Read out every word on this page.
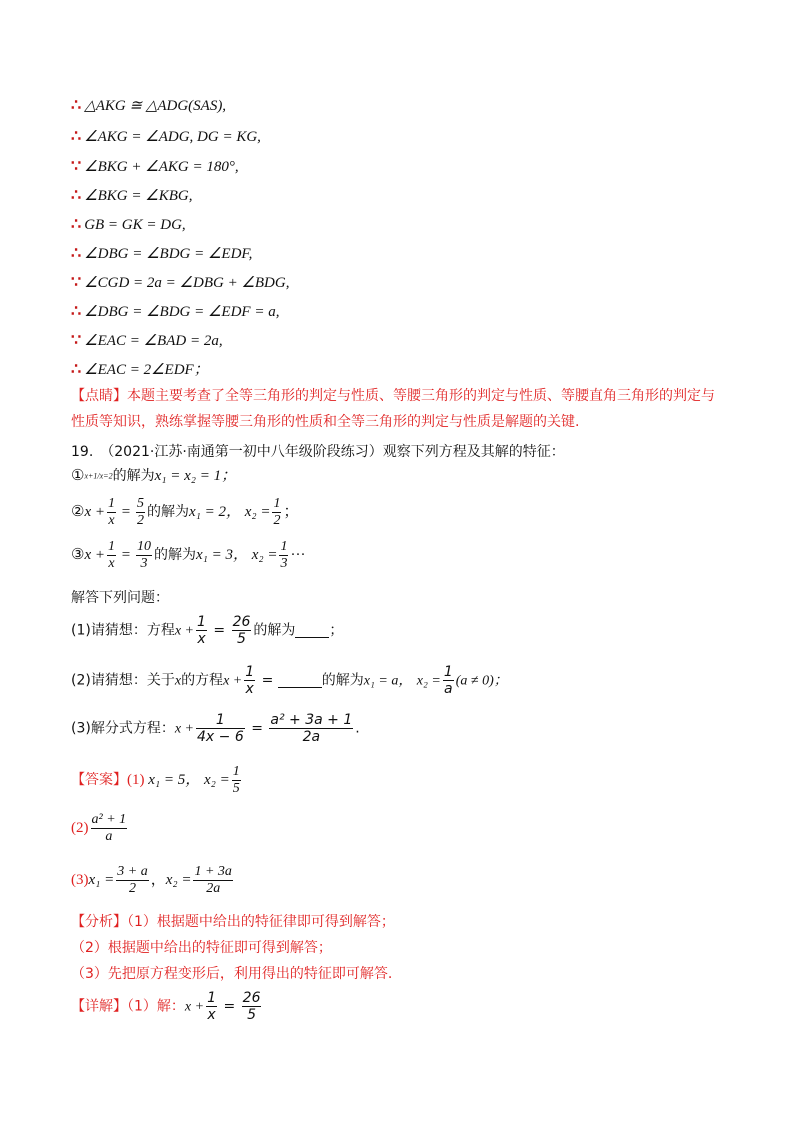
∴ △AKG ≅ △ADG(SAS),
∴ ∠AKG = ∠ADG, DG = KG,
∵ ∠BKG + ∠AKG = 180°,
∴ ∠BKG = ∠KBG,
∴ GB = GK = DG,
∴ ∠DBG = ∠BDG = ∠EDF,
∵ ∠CGD = 2a = ∠DBG + ∠BDG,
∴ ∠DBG = ∠BDG = ∠EDF = a,
∵ ∠EAC = ∠BAD = 2a,
∴ ∠EAC = 2∠EDF；
【点睛】本题主要考查了全等三角形的判定与性质、等腰三角形的判定与性质、等腰直角三角形的判定与
性质等知识，熟练掌握等腰三角形的性质和全等三角形的判定与性质是解题的关键.
19.　（2021·江苏·南通第一初中八年级阶段练习）观察下列方程及其解的特征：
①x+1/x=2的解为x₁ = x₂ = 1；
②x + $\frac{1}{x} = \frac{5}{2}$ 的解为x₁ = 2， $x_2 = \frac{1}{2}$ ；
③x + $\frac{1}{x} = \frac{10}{3}$ 的解为x₁ = 3， $x_2 = \frac{1}{3}$ ···
解答下列问题：
(1)请猜想：方程$x + \frac{1}{x} = \frac{26}{5}$ 的解为 ；
(2)请猜想：关于x的方程$x + \frac{1}{x}$ =	的解为x₁ = a， $x_2 = \frac{1}{a} (a \ne 0)$；
(3)解分式方程：$x + \frac{1}{4x - 6} = \frac{\text{a² + 3a + 1}}{2a}$ .
【答案】(1) x₁ = 5， $x_2 = \frac{1}{5}$
$(2) \frac{\text{a² + 1}}{a}$
$(3)x_1 = \frac{3 + a}{2}$ ，$x_2 = \frac{1 + 3a}{2a}$
【分析】（1）根据题中给出的特征律即可得到解答；
（2）根据题中给出的特征即可得到解答；
（3）先把原方程变形后，利用得出的特征即可解答.
【详解】（1）解：$x + \frac{1}{x} = \frac{26}{5}$
